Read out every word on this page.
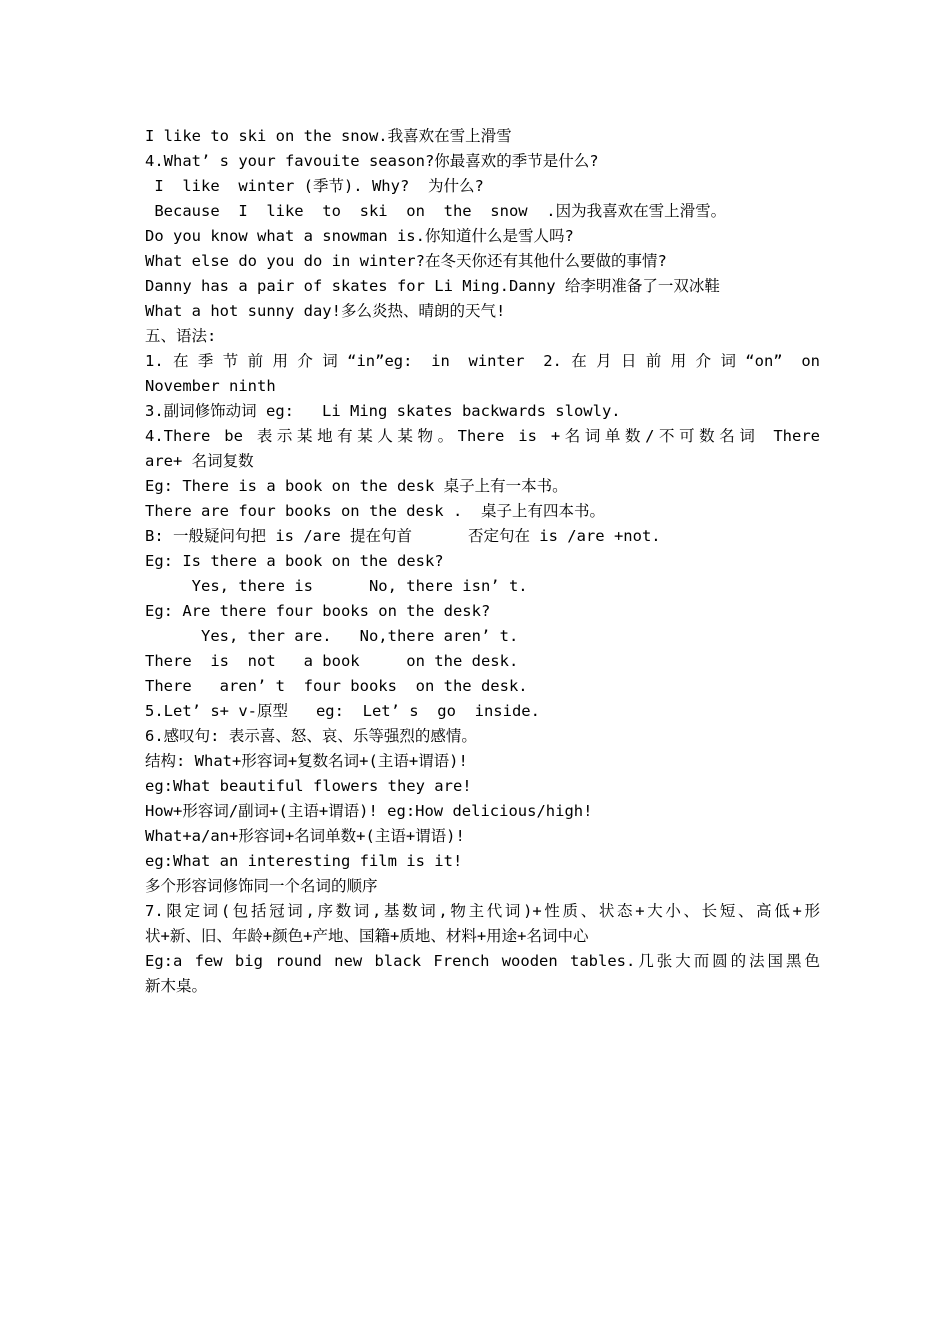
I like to ski on the snow.我喜欢在雪上滑雪
4.What’ s your favouite season?你最喜欢的季节是什么?
I  like  winter (季节). Why?  为什么?
Because  I  like  to  ski  on  the  snow  .因为我喜欢在雪上滑雪。
Do you know what a snowman is.你知道什么是雪人吗?
What else do you do in winter?在冬天你还有其他什么要做的事情?
Danny has a pair of skates for Li Ming.Danny 给李明准备了一双冰鞋
What a hot sunny day!多么炎热、晴朗的天气!
五、语法:
1.在季节前用介词“in”eg: in winter 2.在月日前用介词“on” on
November ninth
3.副词修饰动词 eg:   Li Ming skates backwards slowly.
4.There be 表示某地有某人某物。There is +名词单数/不可数名词 There
are+ 名词复数
Eg: There is a book on the desk 桌子上有一本书。
There are four books on the desk .  桌子上有四本书。
B: 一般疑问句把 is /are 提在句首      否定句在 is /are +not.
Eg: Is there a book on the desk?
Yes, there is      No, there isn’ t.
Eg: Are there four books on the desk?
Yes, ther are.   No,there aren’ t.
There  is  not   a book     on the desk.
There   aren’ t  four books  on the desk.
5.Let’ s+ v-原型   eg:  Let’ s  go  inside.
6.感叹句: 表示喜、怒、哀、乐等强烈的感情。
结构: What+形容词+复数名词+(主语+谓语)!
eg:What beautiful flowers they are!
How+形容词/副词+(主语+谓语)! eg:How delicious/high!
What+a/an+形容词+名词单数+(主语+谓语)!
eg:What an interesting film is it!
多个形容词修饰同一个名词的顺序
7.限定词(包括冠词,序数词,基数词,物主代词)+性质、状态+大小、长短、高低+形
状+新、旧、年龄+颜色+产地、国籍+质地、材料+用途+名词中心
Eg:a few big round new black French wooden tables.几张大而圆的法国黑色
新木桌。
